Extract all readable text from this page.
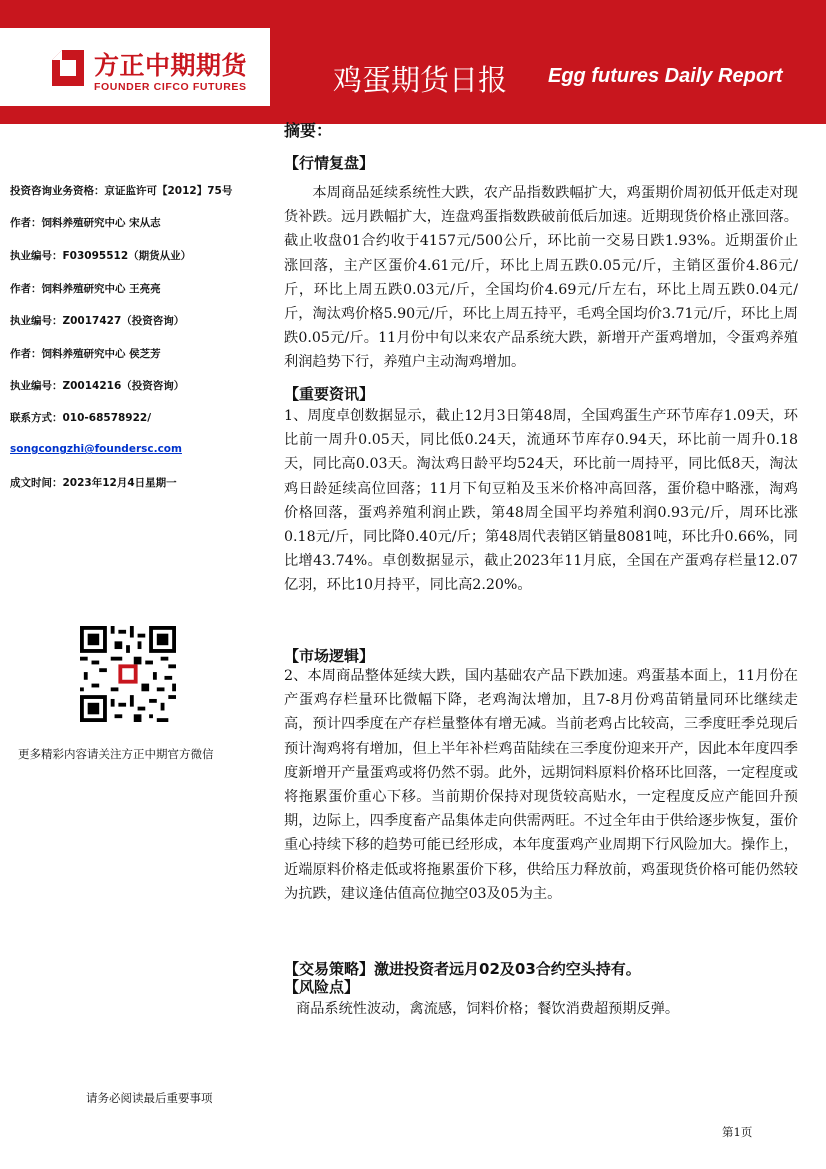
方正中期期货
FOUNDER CIFCO FUTURES	鸡蛋期货日报 Egg futures Daily Report
投资咨询业务资格：京证监许可【2012】75号
作者：饲料养殖研究中心 宋从志
执业编号：F03095512（期货从业）
作者：饲料养殖研究中心 王亮亮
执业编号：Z0017427（投资咨询）
作者：饲料养殖研究中心 侯芝芳
执业编号：Z0014216（投资咨询）
联系方式：010-68578922/
songcongzhi@foundersc.com
成文时间：2023年12月4日星期一
更多精彩内容请关注方正中期官方微信
摘要：
【行情复盘】

本周商品延续系统性大跌，农产品指数跌幅扩大，鸡蛋期价周初低开低走对现货补跌。远月跌幅扩大，连盘鸡蛋指数跌破前低后加速。近期现货价格止涨回落。截止收盘01合约收于4157元/500公斤，环比前一交易日跌1.93%。近期蛋价止涨回落，主产区蛋价4.61元/斤，环比上周五跌0.05元/斤，主销区蛋价4.86元/斤，环比上周五跌0.03元/斤，全国均价4.69元/斤左右，环比上周五跌0.04元/斤，淘汰鸡价格5.90元/斤，环比上周五持平，毛鸡全国均价3.71元/斤，环比上周跌0.05元/斤。11月份中旬以来农产品系统大跌，新增开产蛋鸡增加，令蛋鸡养殖利润趋势下行，养殖户主动淘鸡增加。

【重要资讯】

1、周度卓创数据显示，截止12月3日第48周，全国鸡蛋生产环节库存1.09天，环比前一周升0.05天，同比低0.24天，流通环节库存0.94天，环比前一周升0.18天，同比高0.03天。淘汰鸡日龄平均524天，环比前一周持平，同比低8天，淘汰鸡日龄延续高位回落；11月下旬豆粕及玉米价格冲高回落，蛋价稳中略涨，淘鸡价格回落，蛋鸡养殖利润止跌，第48周全国平均养殖利润0.93元/斤，周环比涨0.18元/斤，同比降0.40元/斤；第48周代表销区销量8081吨，环比升0.66%，同比增43.74%。卓创数据显示，截止2023年11月底，全国在产蛋鸡存栏量12.07亿羽，环比10月持平，同比高2.20%。

【市场逻辑】

2、本周商品整体延续大跌，国内基础农产品下跌加速。鸡蛋基本面上，11月份在产蛋鸡存栏量环比微幅下降，老鸡淘汰增加，且7-8月份鸡苗销量同环比继续走高，预计四季度在产存栏量整体有增无减。当前老鸡占比较高，三季度旺季兑现后预计淘鸡将有增加，但上半年补栏鸡苗陆续在三季度份迎来开产，因此本年度四季度新增开产量蛋鸡或将仍然不弱。此外，远期饲料原料价格环比回落，一定程度或将拖累蛋价重心下移。当前期价保持对现货较高贴水，一定程度反应产能回升预期，边际上，四季度畜产品集体走向供需两旺。不过全年由于供给逐步恢复，蛋价重心持续下移的趋势可能已经形成，本年度蛋鸡产业周期下行风险加大。操作上，近端原料价格走低或将拖累蛋价下移，供给压力释放前，鸡蛋现货价格可能仍然较为抗跌，建议逢估值高位抛空03及05为主。

【交易策略】激进投资者远月02及03合约空头持有。
【风险点】
商品系统性波动，禽流感，饲料价格；餐饮消费超预期反弹。
请务必阅读最后重要事项
第1页
